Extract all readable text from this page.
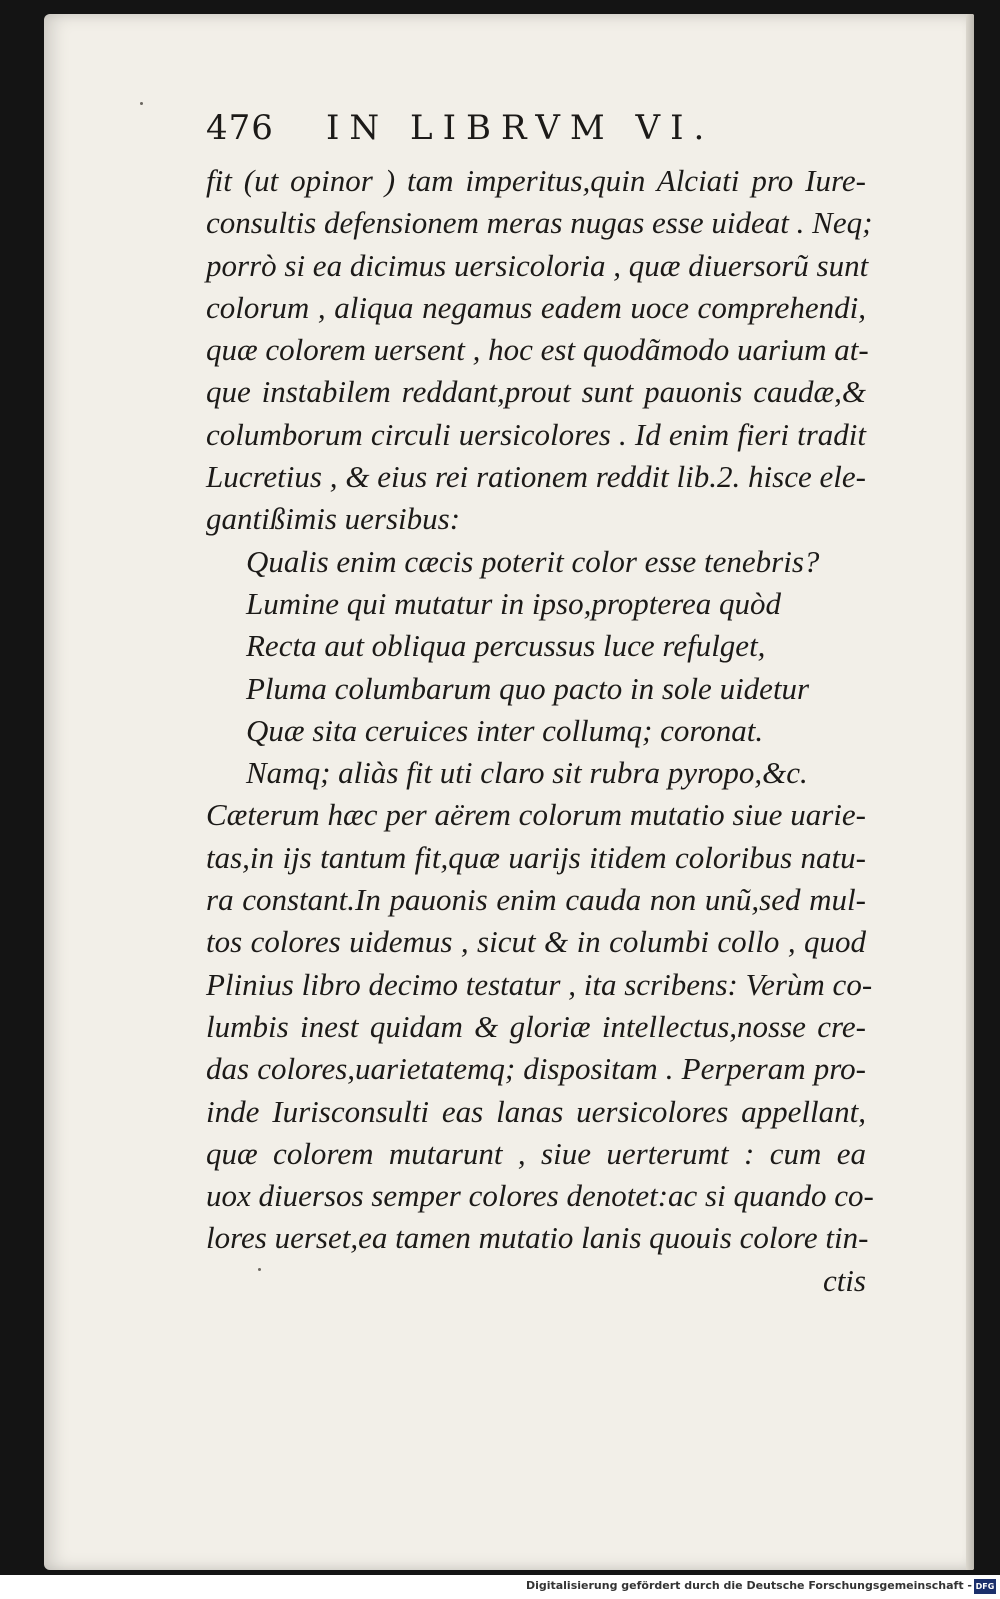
476 IN LIBRVM VI.
fit (ut opinor ) tam imperitus,quin Alciati pro Iure-
consultis defensionem meras nugas esse uideat . Neq;
porrò si ea dicimus uersicoloria , quæ diuersorũ sunt
colorum , aliqua negamus eadem uoce comprehendi,
quæ colorem uersent , hoc est quodãmodo uarium at-
que instabilem reddant,prout sunt pauonis caudæ,&
columborum circuli uersicolores . Id enim fieri tradit
Lucretius , & eius rei rationem reddit lib.2. hisce ele-
gantißimis uersibus:
Qualis enim cæcis poterit color esse tenebris?
Lumine qui mutatur in ipso,propterea quòd
Recta aut obliqua percussus luce refulget,
Pluma columbarum quo pacto in sole uidetur
Quæ sita ceruices inter collumq; coronat.
Namq; aliàs fit uti claro sit rubra pyropo,&c.
Cæterum hæc per aërem colorum mutatio siue uarie-
tas,in ijs tantum fit,quæ uarijs itidem coloribus natu-
ra constant.In pauonis enim cauda non unũ,sed mul-
tos colores uidemus , sicut & in columbi collo , quod
Plinius libro decimo testatur , ita scribens: Verùm co-
lumbis inest quidam & gloriæ intellectus,nosse cre-
das colores,uarietatemq; dispositam . Perperam pro-
inde Iurisconsulti eas lanas uersicolores appellant,
quæ colorem mutarunt , siue uerterumt : cum ea
uox diuersos semper colores denotet:ac si quando co-
lores uerset,ea tamen mutatio lanis quouis colore tin-
ctis
Digitalisierung gefördert durch die Deutsche Forschungsgemeinschaft - DFG
